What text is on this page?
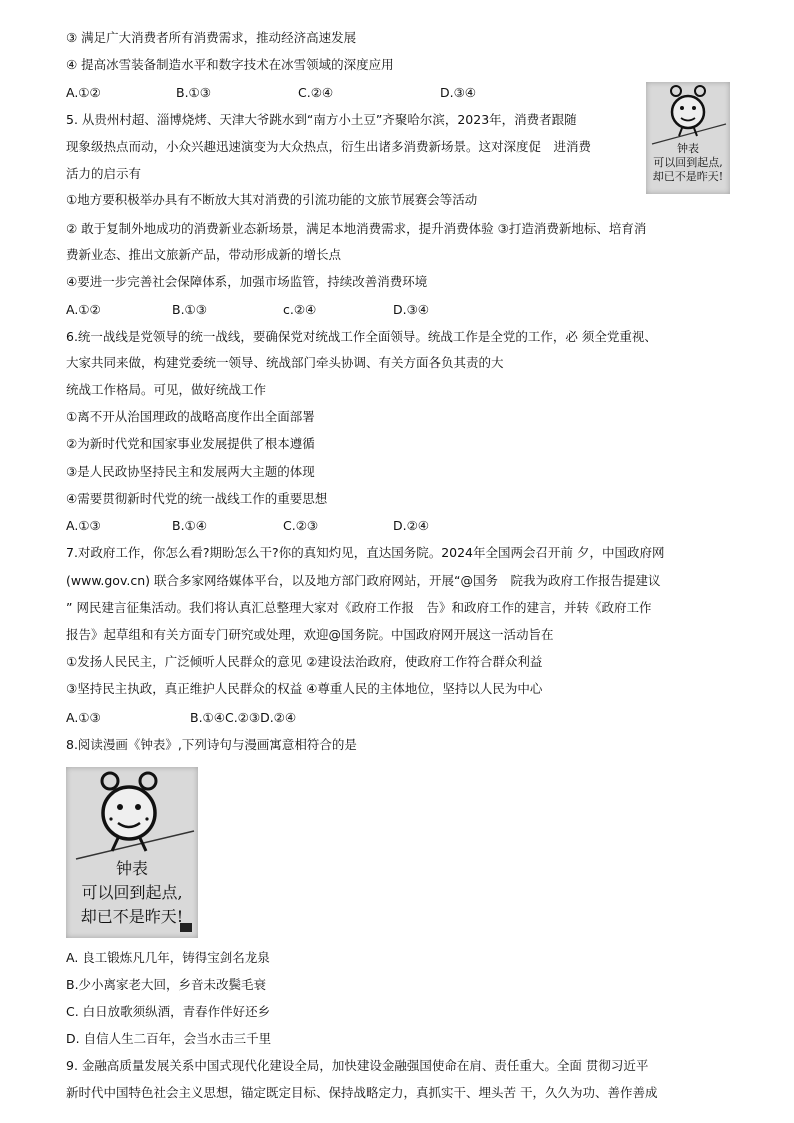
③ 满足广大消费者所有消费需求，推动经济高速发展
④ 提高冰雪装备制造水平和数字技术在冰雪领域的深度应用
A.①②	B.①③	C.②④	D.③④
5. 从贵州村超、淄博烧烤、天津大爷跳水到“南方小土豆”齐聚哈尔滨，2023年，消费者跟随
现象级热点而动，小众兴趣迅速演变为大众热点，衍生出诸多消费新场景。这对深度促　进消费
活力的启示有
①地方要积极举办具有不断放大其对消费的引流功能的文旅节展赛会等活动
② 敢于复制外地成功的消费新业态新场景，满足本地消费需求，提升消费体验 ③打造消费新地标、培育消
费新业态、推出文旅新产品，带动形成新的增长点
④要进一步完善社会保障体系，加强市场监管，持续改善消费环境
A.①②	B.①③	c.②④	D.③④
钟表
可以回到起点,
却已不是昨天!
6.统一战线是党领导的统一战线，要确保党对统战工作全面领导。统战工作是全党的工作，必 须全党重视、
大家共同来做，构建党委统一领导、统战部门牵头协调、有关方面各负其责的大
统战工作格局。可见，做好统战工作
①离不开从治国理政的战略高度作出全面部署
②为新时代党和国家事业发展提供了根本遵循
③是人民政协坚持民主和发展两大主题的体现
④需要贯彻新时代党的统一战线工作的重要思想
A.①③	B.①④	C.②③	D.②④
7.对政府工作，你怎么看?期盼怎么干?你的真知灼见，直达国务院。2024年全国两会召开前 夕，中国政府网
(www.gov.cn) 联合多家网络媒体平台，以及地方部门政府网站，开展“@国务　院我为政府工作报告提建议
” 网民建言征集活动。我们将认真汇总整理大家对《政府工作报　告》和政府工作的建言，并转《政府工作
报告》起草组和有关方面专门研究或处理，欢迎@国务院。中国政府网开展这一活动旨在
①发扬人民民主，广泛倾听人民群众的意见 ②建设法治政府，使政府工作符合群众利益
③坚持民主执政，真正维护人民群众的权益 ④尊重人民的主体地位，坚持以人民为中心
A.①③	B.①④C.②③D.②④
8.阅读漫画《钟表》,下列诗句与漫画寓意相符合的是
钟表
可以回到起点,
却已不是昨天!
A. 良工锻炼凡几年，铸得宝剑名龙泉
B.少小离家老大回，乡音未改鬓毛衰
C. 白日放歌须纵酒，青春作伴好还乡
D. 自信人生二百年，会当水击三千里
9. 金融高质量发展关系中国式现代化建设全局，加快建设金融强国使命在肩、责任重大。全面 贯彻习近平
新时代中国特色社会主义思想，锚定既定目标、保持战略定力，真抓实干、埋头苦 干，久久为功、善作善成
